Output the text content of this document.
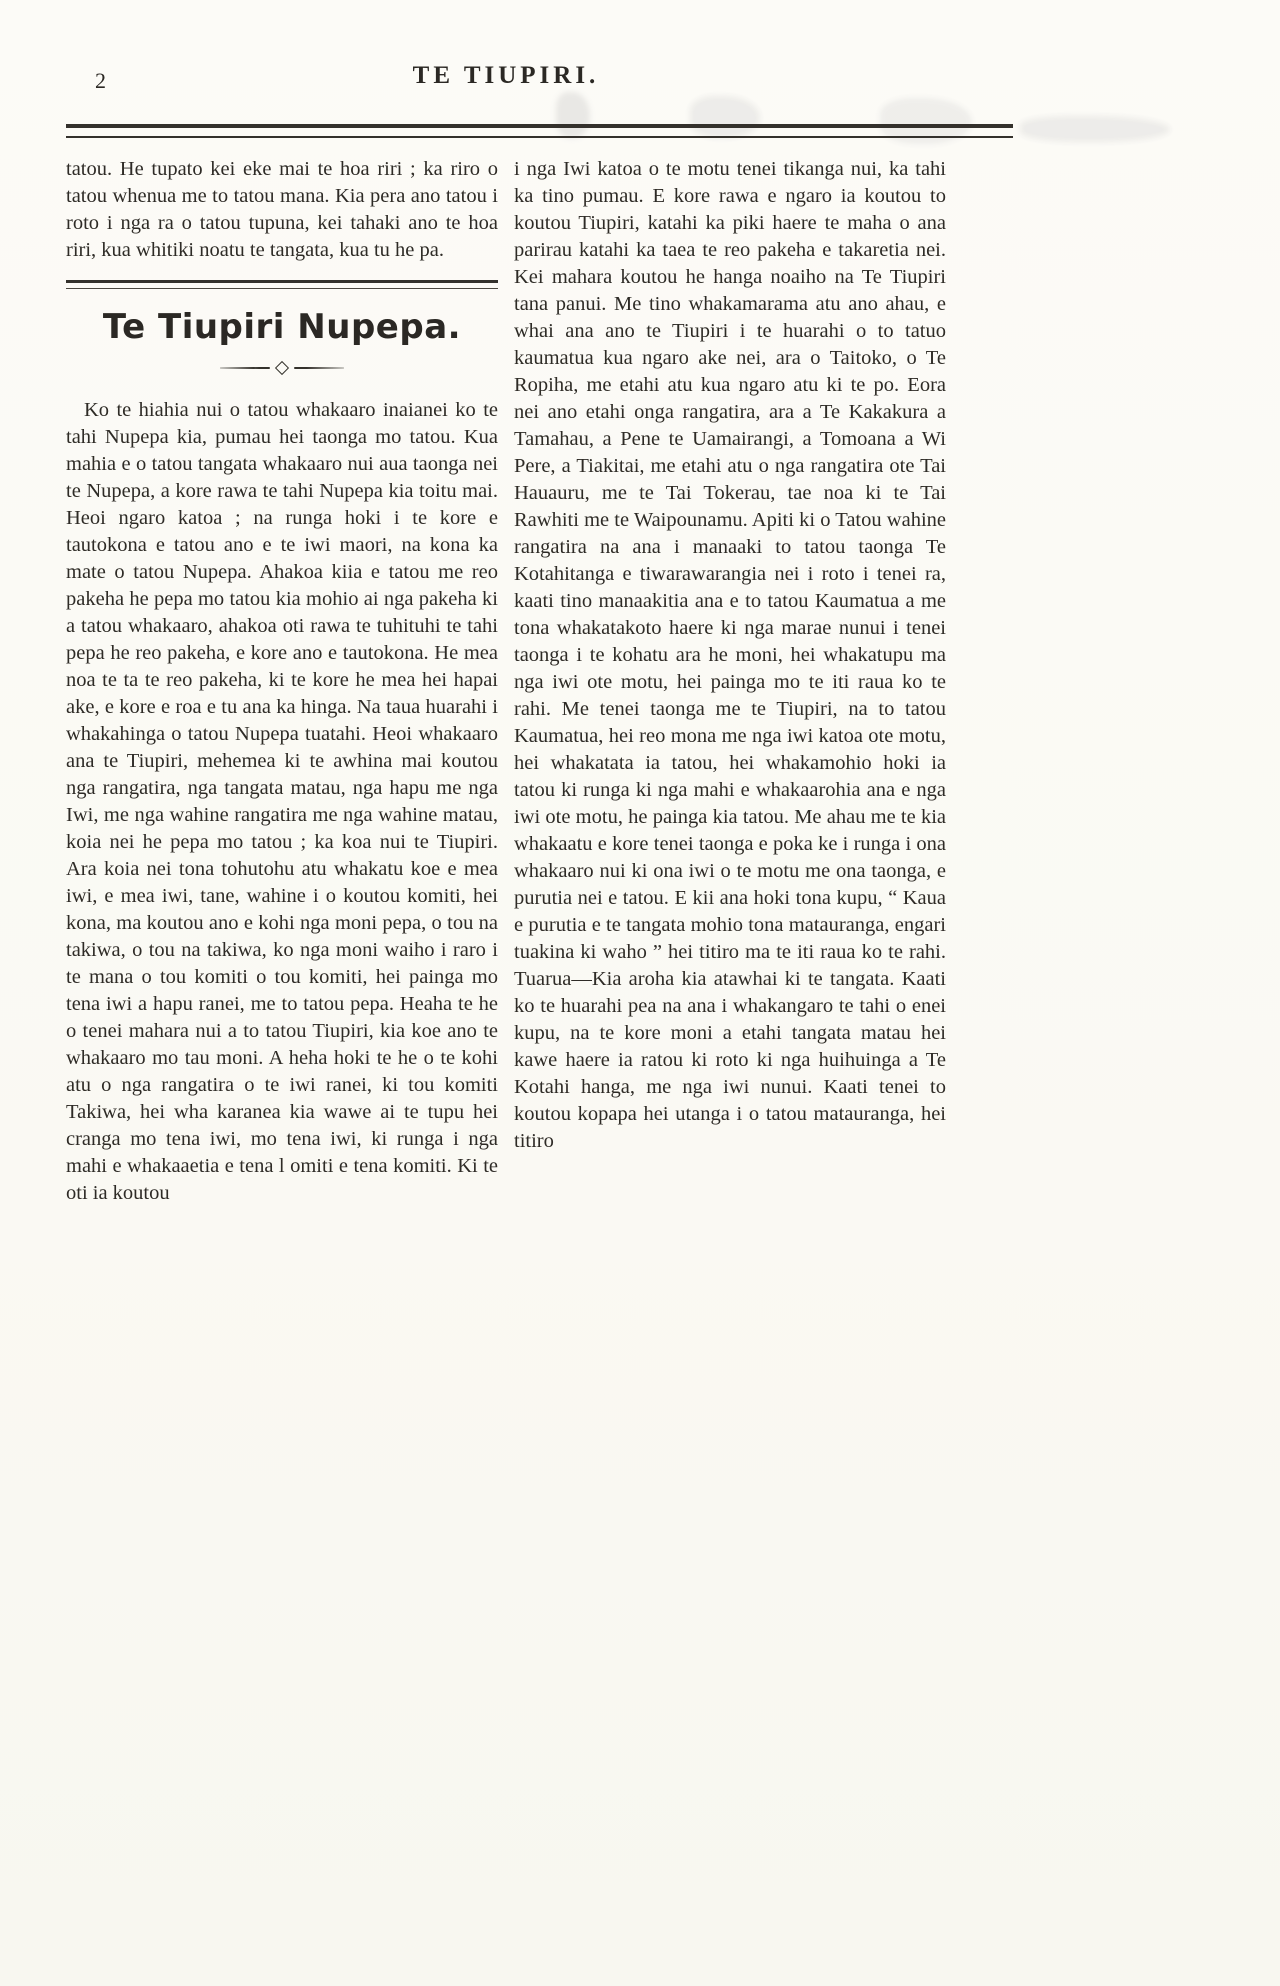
2	TE TIUPIRI.

tatou. He tupato kei eke mai te hoa riri ; ka riro o tatou whenua me to tatou mana. Kia pera ano tatou i roto i nga ra o tatou tupuna, kei tahaki ano te hoa riri, kua whitiki noatu te tangata, kua tu he pa.

Te Tiupiri Nupepa.

Ko te hiahia nui o tatou whakaaro inaianei ko te tahi Nupepa kia, pumau hei taonga mo tatou. Kua mahia e o tatou tangata whakaaro nui aua taonga nei te Nupepa, a kore rawa te tahi Nupepa kia toitu mai. Heoi ngaro katoa ; na runga hoki i te kore e tautokona e tatou ano e te iwi maori, na kona ka mate o tatou Nupepa. Ahakoa kiia e tatou me reo pakeha he pepa mo tatou kia mohio ai nga pakeha ki a tatou whakaaro, ahakoa oti rawa te tuhituhi te tahi pepa he reo pakeha, e kore ano e tautokona. He mea noa te ta te reo pakeha, ki te kore he mea hei hapai ake, e kore e roa e tu ana ka hinga. Na taua huarahi i whakahinga o tatou Nupepa tuatahi. Heoi whakaaro ana te Tiupiri, mehemea ki te awhina mai koutou nga rangatira, nga tangata matau, nga hapu me nga Iwi, me nga wahine rangatira me nga wahine matau, koia nei he pepa mo tatou ; ka koa nui te Tiupiri. Ara koia nei tona tohutohu atu whakatu koe e mea iwi, e mea iwi, tane, wahine i o koutou komiti, hei kona, ma koutou ano e kohi nga moni pepa, o tou na takiwa, o tou na takiwa, ko nga moni waiho i raro i te mana o tou komiti o tou komiti, hei painga mo tena iwi a hapu ranei, me to tatou pepa. Heaha te he o tenei mahara nui a to tatou Tiupiri, kia koe ano te whakaaro mo tau moni. A heha hoki te he o te kohi atu o nga rangatira o te iwi ranei, ki tou komiti Takiwa, hei wha karanea kia wawe ai te tupu hei cranga mo tena iwi, mo tena iwi, ki runga i nga mahi e whakaaetia e tena l omiti e tena komiti. Ki te oti ia koutou

i nga Iwi katoa o te motu tenei tikanga nui, ka tahi ka tino pumau. E kore rawa e ngaro ia koutou to koutou Tiupiri, katahi ka piki haere te maha o ana parirau katahi ka taea te reo pakeha e takaretia nei. Kei mahara koutou he hanga noaiho na Te Tiupiri tana panui. Me tino whakamarama atu ano ahau, e whai ana ano te Tiupiri i te huarahi o to tatuo kaumatua kua ngaro ake nei, ara o Taitoko, o Te Ropiha, me etahi atu kua ngaro atu ki te po. Eora nei ano etahi onga rangatira, ara a Te Kakakura a Tamahau, a Pene te Uamairangi, a Tomoana a Wi Pere, a Tiakitai, me etahi atu o nga rangatira ote Tai Hauauru, me te Tai Tokerau, tae noa ki te Tai Rawhiti me te Waipounamu. Apiti ki o Tatou wahine rangatira na ana i manaaki to tatou taonga Te Kotahitanga e tiwarawarangia nei i roto i tenei ra, kaati tino manaakitia ana e to tatou Kaumatua a me tona whakatakoto haere ki nga marae nunui i tenei taonga i te kohatu ara he moni, hei whakatupu ma nga iwi ote motu, hei painga mo te iti raua ko te rahi. Me tenei taonga me te Tiupiri, na to tatou Kaumatua, hei reo mona me nga iwi katoa ote motu, hei whakatata ia tatou, hei whakamohio hoki ia tatou ki runga ki nga mahi e whakaarohia ana e nga iwi ote motu, he painga kia tatou. Me ahau me te kia whakaatu e kore tenei taonga e poka ke i runga i ona whakaaro nui ki ona iwi o te motu me ona taonga, e purutia nei e tatou. E kii ana hoki tona kupu, “ Kaua e purutia e te tangata mohio tona matauranga, engari tuakina ki waho ” hei titiro ma te iti raua ko te rahi. Tuarua—Kia aroha kia atawhai ki te tangata. Kaati ko te huarahi pea na ana i whakangaro te tahi o enei kupu, na te kore moni a etahi tangata matau hei kawe haere ia ratou ki roto ki nga huihuinga a Te Kotahi hanga, me nga iwi nunui. Kaati tenei to koutou kopapa hei utanga i o tatou matauranga, hei titiro
